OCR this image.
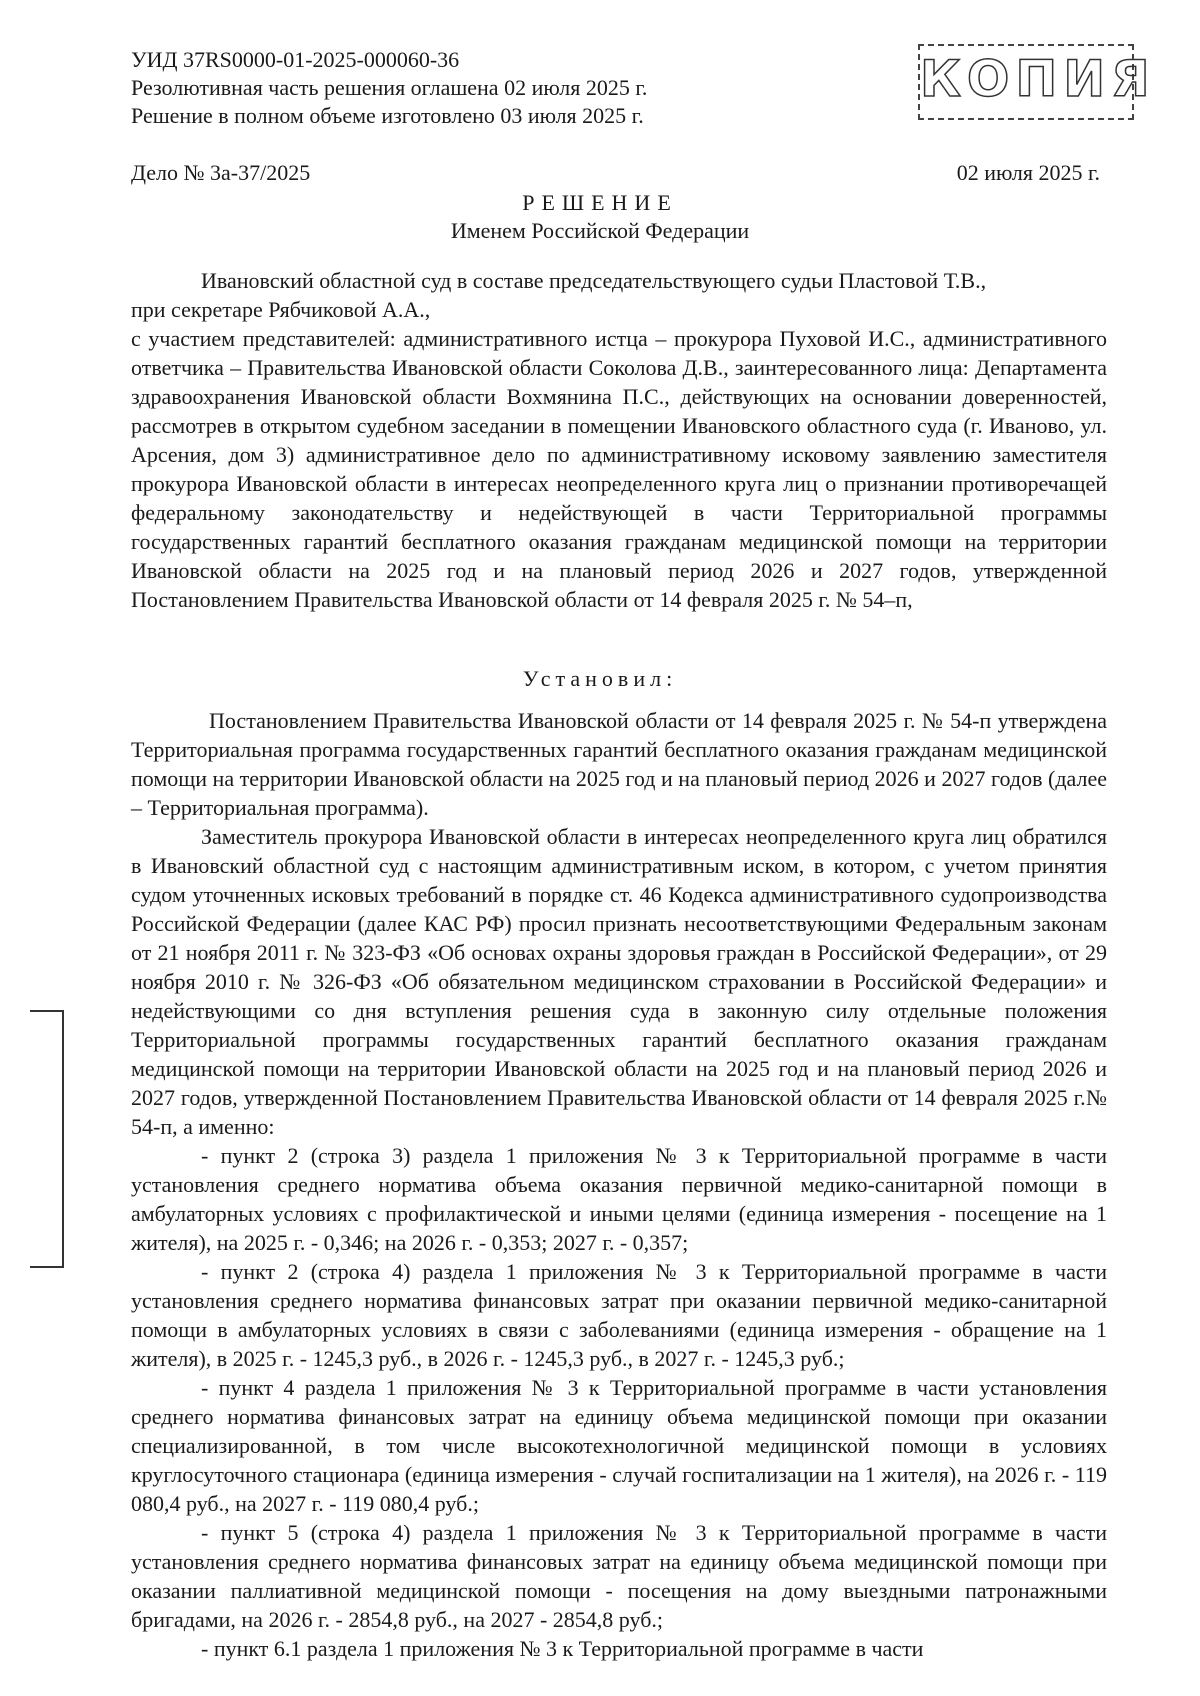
УИД 37RS0000-01-2025-000060-36
Резолютивная часть решения оглашена 02 июля 2025 г.
Решение в полном объеме изготовлено 03 июля 2025 г.
КОПИЯ
Дело № 3а-37/2025	02 июля 2025 г.
РЕШЕНИЕ
Именем Российской Федерации

Ивановский областной суд в составе председательствующего судьи Пластовой Т.В.,

при секретаре Рябчиковой А.А.,

с участием представителей: административного истца – прокурора Пуховой И.С., административного ответчика – Правительства Ивановской области Соколова Д.В., заинтересованного лица: Департамента здравоохранения Ивановской области Вохмянина П.С., действующих на основании доверенностей, рассмотрев в открытом судебном заседании в помещении Ивановского областного суда (г. Иваново, ул. Арсения, дом 3) административное дело по административному исковому заявлению заместителя прокурора Ивановской области в интересах неопределенного круга лиц о признании противоречащей федеральному законодательству и недействующей в части Территориальной программы государственных гарантий бесплатного оказания гражданам медицинской помощи на территории Ивановской области на 2025 год и на плановый период 2026 и 2027 годов, утвержденной Постановлением Правительства Ивановской области от 14 февраля 2025 г. № 54–п,

Установил:

Постановлением Правительства Ивановской области от 14 февраля 2025 г. № 54-п утверждена Территориальная программа государственных гарантий бесплатного оказания гражданам медицинской помощи на территории Ивановской области на 2025 год и на плановый период 2026 и 2027 годов (далее – Территориальная программа).

Заместитель прокурора Ивановской области в интересах неопределенного круга лиц обратился в Ивановский областной суд с настоящим административным иском, в котором, с учетом принятия судом уточненных исковых требований в порядке ст. 46 Кодекса административного судопроизводства Российской Федерации (далее КАС РФ) просил признать несоответствующими Федеральным законам от 21 ноября 2011 г. № 323-ФЗ «Об основах охраны здоровья граждан в Российской Федерации», от 29 ноября 2010 г. № 326-ФЗ «Об обязательном медицинском страховании в Российской Федерации» и недействующими со дня вступления решения суда в законную силу отдельные положения Территориальной программы государственных гарантий бесплатного оказания гражданам медицинской помощи на территории Ивановской области на 2025 год и на плановый период 2026 и 2027 годов, утвержденной Постановлением Правительства Ивановской области от 14 февраля 2025 г.№ 54-п, а именно:

- пункт 2 (строка 3) раздела 1 приложения № 3 к Территориальной программе в части установления среднего норматива объема оказания первичной медико-санитарной помощи в амбулаторных условиях с профилактической и иными целями (единица измерения - посещение на 1 жителя), на 2025 г. - 0,346; на 2026 г. - 0,353; 2027 г. - 0,357;

- пункт 2 (строка 4) раздела 1 приложения № 3 к Территориальной программе в части установления среднего норматива финансовых затрат при оказании первичной медико-санитарной помощи в амбулаторных условиях в связи с заболеваниями (единица измерения - обращение на 1 жителя), в 2025 г. - 1245,3 руб., в 2026 г. - 1245,3 руб., в 2027 г. - 1245,3 руб.;

- пункт 4 раздела 1 приложения № 3 к Территориальной программе в части установления среднего норматива финансовых затрат на единицу объема медицинской помощи при оказании специализированной, в том числе высокотехнологичной медицинской помощи в условиях круглосуточного стационара (единица измерения - случай госпитализации на 1 жителя), на 2026 г. - 119 080,4 руб., на 2027 г. - 119 080,4 руб.;

- пункт 5 (строка 4) раздела 1 приложения № 3 к Территориальной программе в части установления среднего норматива финансовых затрат на единицу объема медицинской помощи при оказании паллиативной медицинской помощи - посещения на дому выездными патронажными бригадами, на 2026 г. - 2854,8 руб., на 2027 - 2854,8 руб.;

- пункт 6.1 раздела 1 приложения № 3 к Территориальной программе в части
